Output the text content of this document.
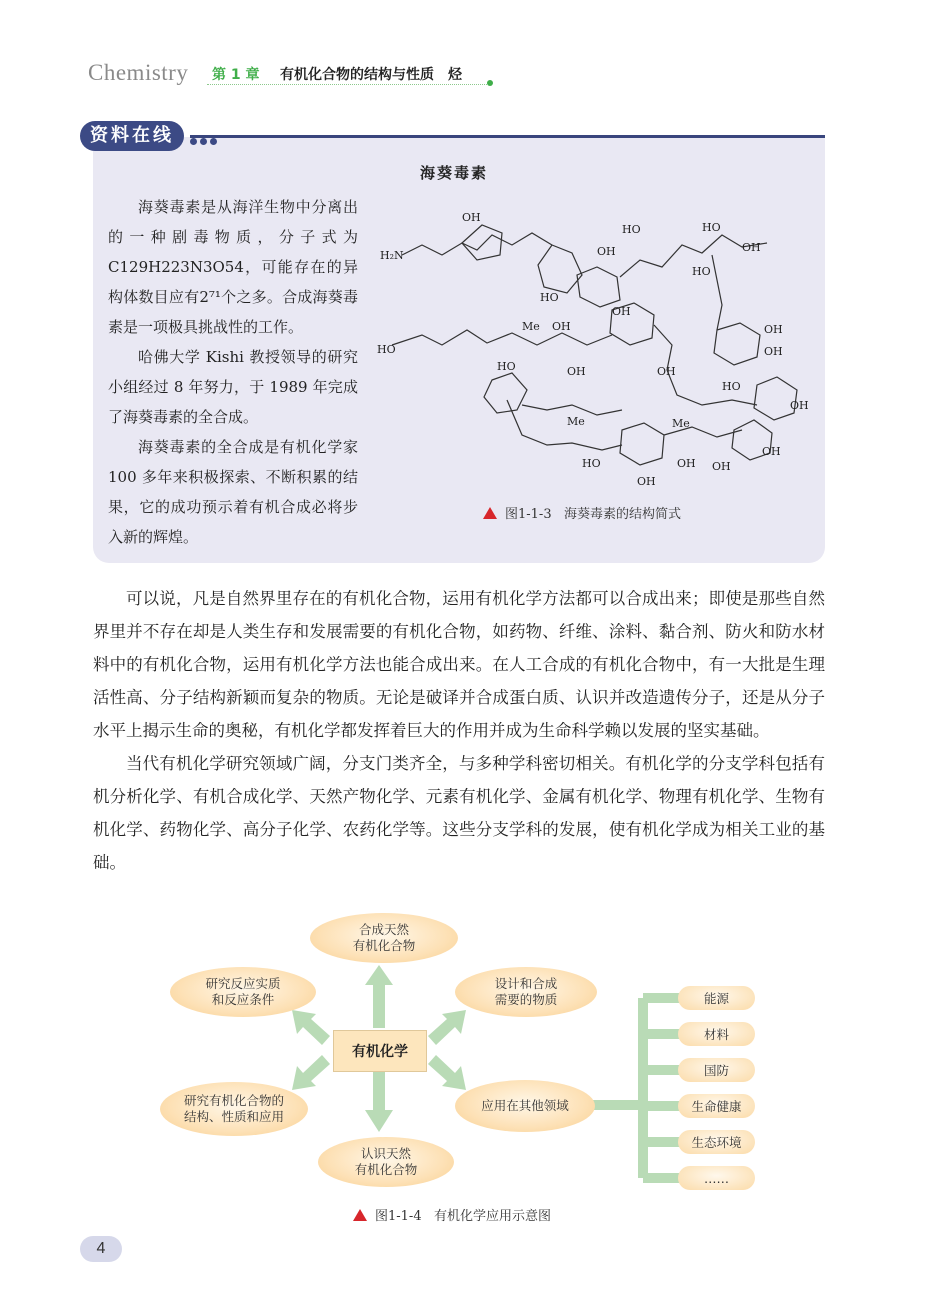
Chemistry 第 1 章 有机化合物的结构与性质　烃
资料在线

海葵毒素是从海洋生物中分离出的一种剧毒物质，分子式为C129H223N3O54，可能存在的异构体数目应有2⁷¹个之多。合成海葵毒素是一项极具挑战性的工作。

哈佛大学 Kishi 教授领导的研究小组经过 8 年努力，于 1989 年完成了海葵毒素的全合成。

海葵毒素的全合成是有机化学家 100 多年来积极探索、不断积累的结果，它的成功预示着有机合成必将步入新的辉煌。

海葵毒素
H₂N
OH
OH
HO	HO
OH
HO
HO
OH
OH
OH
HO
OH
HO
Me OH
HO	OH	OH
Me	Me
HO
OH
OH OH
OH
图1-1-3 海葵毒素的结构简式

可以说，凡是自然界里存在的有机化合物，运用有机化学方法都可以合成出来；即使是那些自然界里并不存在却是人类生存和发展需要的有机化合物，如药物、纤维、涂料、黏合剂、防火和防水材料中的有机化合物，运用有机化学方法也能合成出来。在人工合成的有机化合物中，有一大批是生理活性高、分子结构新颖而复杂的物质。无论是破译并合成蛋白质、认识并改造遗传分子，还是从分子水平上揭示生命的奥秘，有机化学都发挥着巨大的作用并成为生命科学赖以发展的坚实基础。

当代有机化学研究领域广阔，分支门类齐全，与多种学科密切相关。有机化学的分支学科包括有机分析化学、有机合成化学、天然产物化学、元素有机化学、金属有机化学、物理有机化学、生物有机化学、药物化学、高分子化学、农药化学等。这些分支学科的发展，使有机化学成为相关工业的基础。

合成天然
有机化合物
研究反应实质
和反应条件
设计和合成
需要的物质
有机化学
研究有机化合物的
结构、性质和应用
应用在其他领域
认识天然
有机化合物
能源
材料
国防
生命健康
生态环境
……
图1-1-4 有机化学应用示意图
4
